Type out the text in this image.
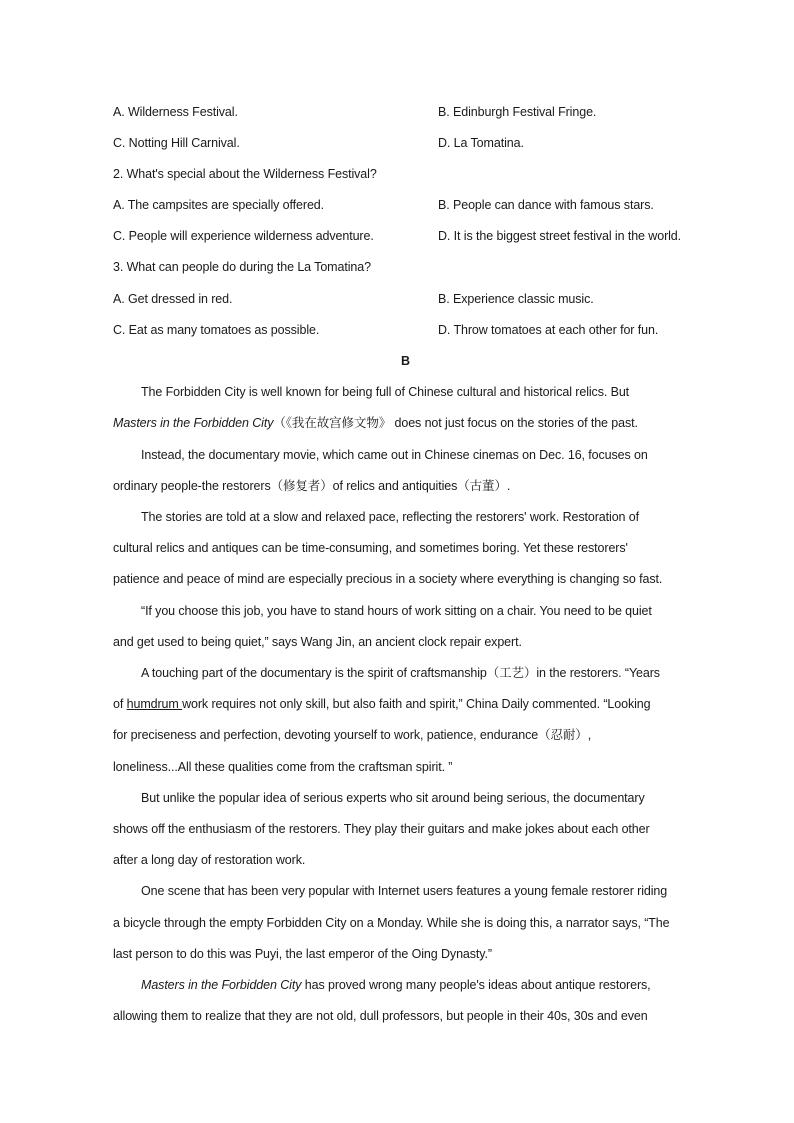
A. Wilderness Festival.	B. Edinburgh Festival Fringe.
C. Notting Hill Carnival.	D. La Tomatina.
2. What's special about the Wilderness Festival?
A. The campsites are specially offered.	B. People can dance with famous stars.
C. People will experience wilderness adventure.	D. It is the biggest street festival in the world.
3. What can people do during the La Tomatina?
A. Get dressed in red.	B. Experience classic music.
C. Eat as many tomatoes as possible.	D. Throw tomatoes at each other for fun.
B
The Forbidden City is well known for being full of Chinese cultural and historical relics. But
Masters in the Forbidden City（《我在故宫修文物》 does not just focus on the stories of the past.
Instead, the documentary movie, which came out in Chinese cinemas on Dec. 16, focuses on
ordinary people-the restorers（修复者）of relics and antiquities（古董）.
The stories are told at a slow and relaxed pace, reflecting the restorers' work. Restoration of
cultural relics and antiques can be time-consuming, and sometimes boring. Yet these restorers'
patience and peace of mind are especially precious in a society where everything is changing so fast.
“If you choose this job, you have to stand hours of work sitting on a chair. You need to be quiet
and get used to being quiet,” says Wang Jin, an ancient clock repair expert.
A touching part of the documentary is the spirit of craftsmanship（工艺）in the restorers. “Years
of humdrum work requires not only skill, but also faith and spirit,” China Daily commented. “Looking
for preciseness and perfection, devoting yourself to work, patience, endurance（忍耐）,
loneliness...All these qualities come from the craftsman spirit. ”
But unlike the popular idea of serious experts who sit around being serious, the documentary
shows off the enthusiasm of the restorers. They play their guitars and make jokes about each other
after a long day of restoration work.
One scene that has been very popular with Internet users features a young female restorer riding
a bicycle through the empty Forbidden City on a Monday. While she is doing this, a narrator says, “The
last person to do this was Puyi, the last emperor of the Oing Dynasty.”
Masters in the Forbidden City has proved wrong many people's ideas about antique restorers,
allowing them to realize that they are not old, dull professors, but people in their 40s, 30s and even
